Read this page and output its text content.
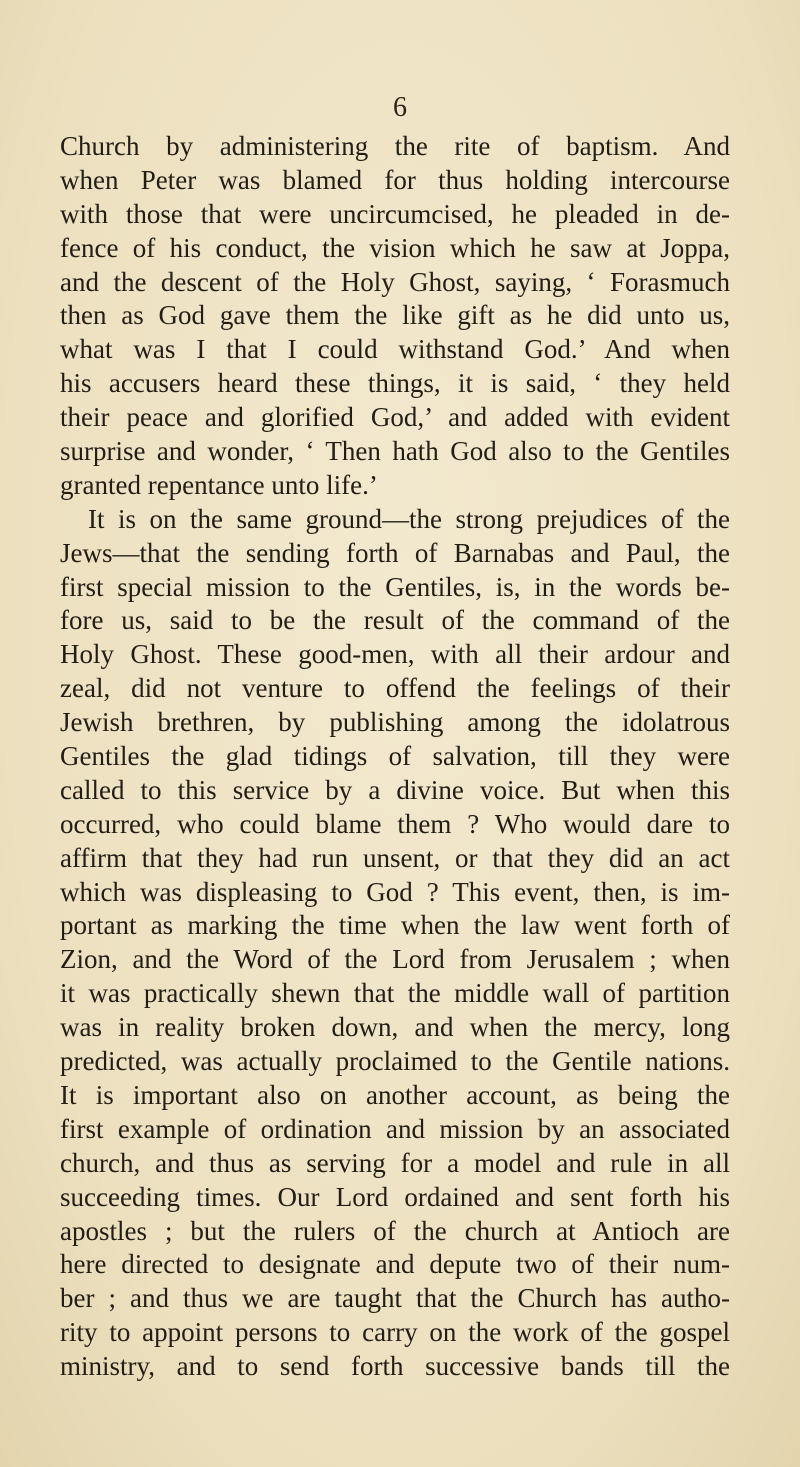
6
Church by administering the rite of baptism. And
when Peter was blamed for thus holding intercourse
with those that were uncircumcised, he pleaded in de-
fence of his conduct, the vision which he saw at Joppa,
and the descent of the Holy Ghost, saying, ‘ Forasmuch
then as God gave them the like gift as he did unto us,
what was I that I could withstand God.’ And when
his accusers heard these things, it is said, ‘ they held
their peace and glorified God,’ and added with evident
surprise and wonder, ‘ Then hath God also to the Gentiles
granted repentance unto life.’
It is on the same ground—the strong prejudices of the
Jews—that the sending forth of Barnabas and Paul, the
first special mission to the Gentiles, is, in the words be-
fore us, said to be the result of the command of the
Holy Ghost. These good-men, with all their ardour and
zeal, did not venture to offend the feelings of their
Jewish brethren, by publishing among the idolatrous
Gentiles the glad tidings of salvation, till they were
called to this service by a divine voice. But when this
occurred, who could blame them ? Who would dare to
affirm that they had run unsent, or that they did an act
which was displeasing to God ? This event, then, is im-
portant as marking the time when the law went forth of
Zion, and the Word of the Lord from Jerusalem ; when
it was practically shewn that the middle wall of partition
was in reality broken down, and when the mercy, long
predicted, was actually proclaimed to the Gentile nations.
It is important also on another account, as being the
first example of ordination and mission by an associated
church, and thus as serving for a model and rule in all
succeeding times. Our Lord ordained and sent forth his
apostles ; but the rulers of the church at Antioch are
here directed to designate and depute two of their num-
ber ; and thus we are taught that the Church has autho-
rity to appoint persons to carry on the work of the gospel
ministry, and to send forth successive bands till the
